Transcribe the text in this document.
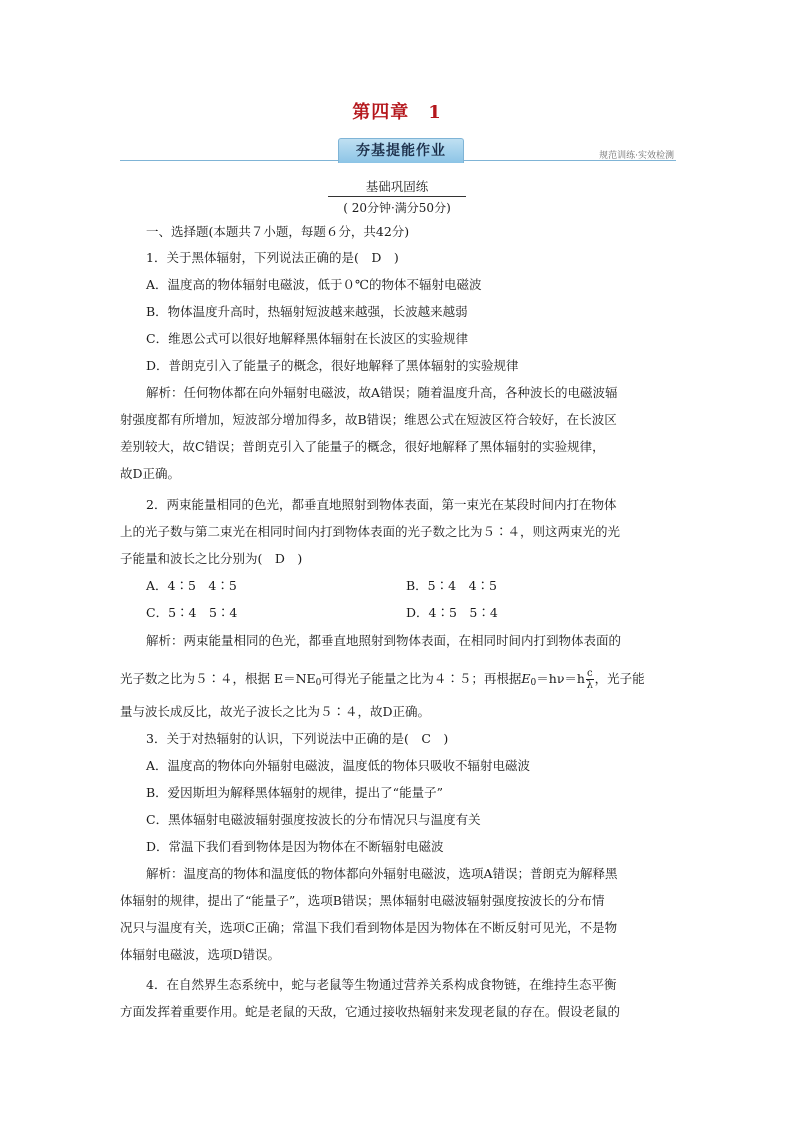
第四章　1
夯基提能作业	规范训练·实效检测
基础巩固练
( 20分钟·满分50分)
一、选择题(本题共７小题，每题６分，共42分)
1．关于黑体辐射，下列说法正确的是(　D　)
A．温度高的物体辐射电磁波，低于０℃的物体不辐射电磁波
B．物体温度升高时，热辐射短波越来越强，长波越来越弱
C．维恩公式可以很好地解释黑体辐射在长波区的实验规律
D．普朗克引入了能量子的概念，很好地解释了黑体辐射的实验规律
解析：任何物体都在向外辐射电磁波，故A错误；随着温度升高，各种波长的电磁波辐
射强度都有所增加，短波部分增加得多，故B错误；维恩公式在短波区符合较好，在长波区
差别较大，故C错误；普朗克引入了能量子的概念，很好地解释了黑体辐射的实验规律，
故D正确。
2．两束能量相同的色光，都垂直地照射到物体表面，第一束光在某段时间内打在物体
上的光子数与第二束光在相同时间内打到物体表面的光子数之比为５∶４，则这两束光的光
子能量和波长之比分别为(　D　)
A．4∶5　4∶5	B．5∶4　4∶5
C．5∶4　5∶4	D．4∶5　5∶4
解析：两束能量相同的色光，都垂直地照射到物体表面，在相同时间内打到物体表面的
光子数之比为５∶４，根据 $E=NE_0$可得光子能量之比为４∶５；再根据$E_0=h\nu=h \frac{c}{\lambda}$ ，光子能
量与波长成反比，故光子波长之比为５∶４，故D正确。
3．关于对热辐射的认识，下列说法中正确的是(　C　)
A．温度高的物体向外辐射电磁波，温度低的物体只吸收不辐射电磁波
B．爱因斯坦为解释黑体辐射的规律，提出了“能量子”
C．黑体辐射电磁波辐射强度按波长的分布情况只与温度有关
D．常温下我们看到物体是因为物体在不断辐射电磁波
解析：温度高的物体和温度低的物体都向外辐射电磁波，选项A错误；普朗克为解释黑
体辐射的规律，提出了“能量子”，选项B错误；黑体辐射电磁波辐射强度按波长的分布情
况只与温度有关，选项C正确；常温下我们看到物体是因为物体在不断反射可见光，不是物
体辐射电磁波，选项D错误。
4．在自然界生态系统中，蛇与老鼠等生物通过营养关系构成食物链，在维持生态平衡
方面发挥着重要作用。蛇是老鼠的天敌，它通过接收热辐射来发现老鼠的存在。假设老鼠的
